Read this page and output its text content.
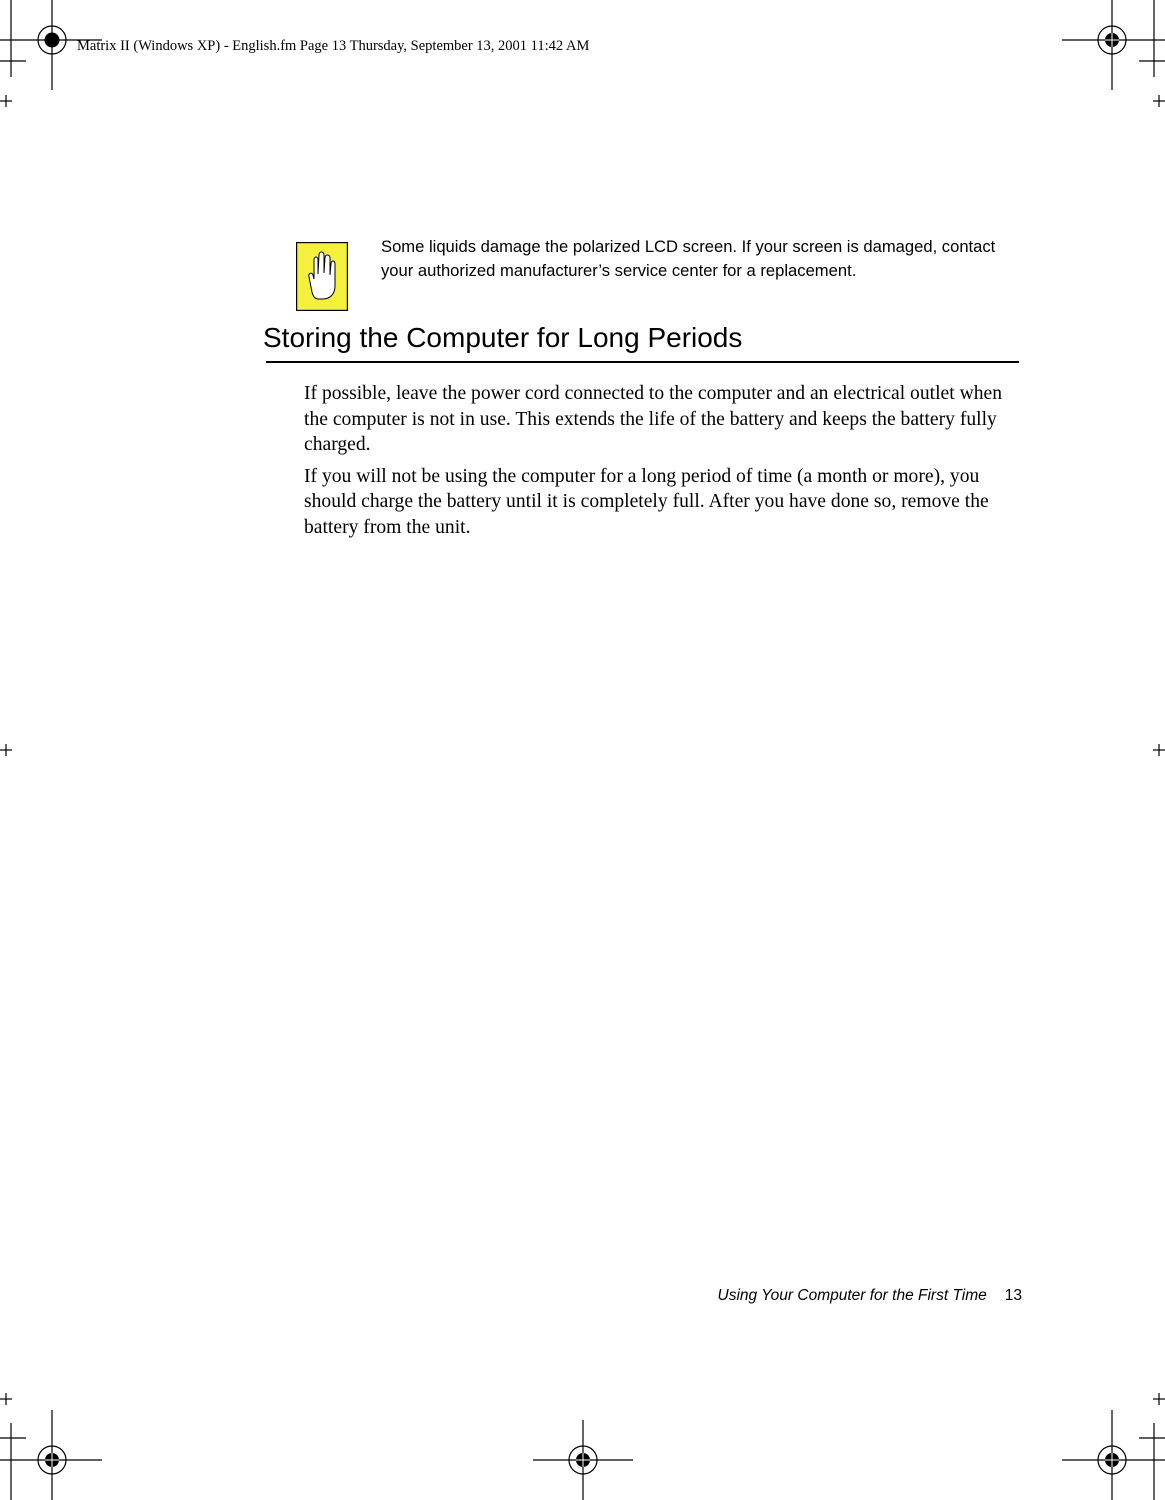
Matrix II (Windows XP) - English.fm Page 13 Thursday, September 13, 2001 11:42 AM

Some liquids damage the polarized LCD screen. If your screen is damaged, contact your authorized manufacturer’s service center for a replacement.

Storing the Computer for Long Periods

If possible, leave the power cord connected to the computer and an electrical outlet when the computer is not in use. This extends the life of the battery and keeps the battery fully charged.

If you will not be using the computer for a long period of time (a month or more), you should charge the battery until it is completely full. After you have done so, remove the battery from the unit.

Using Your Computer for the First Time 13
